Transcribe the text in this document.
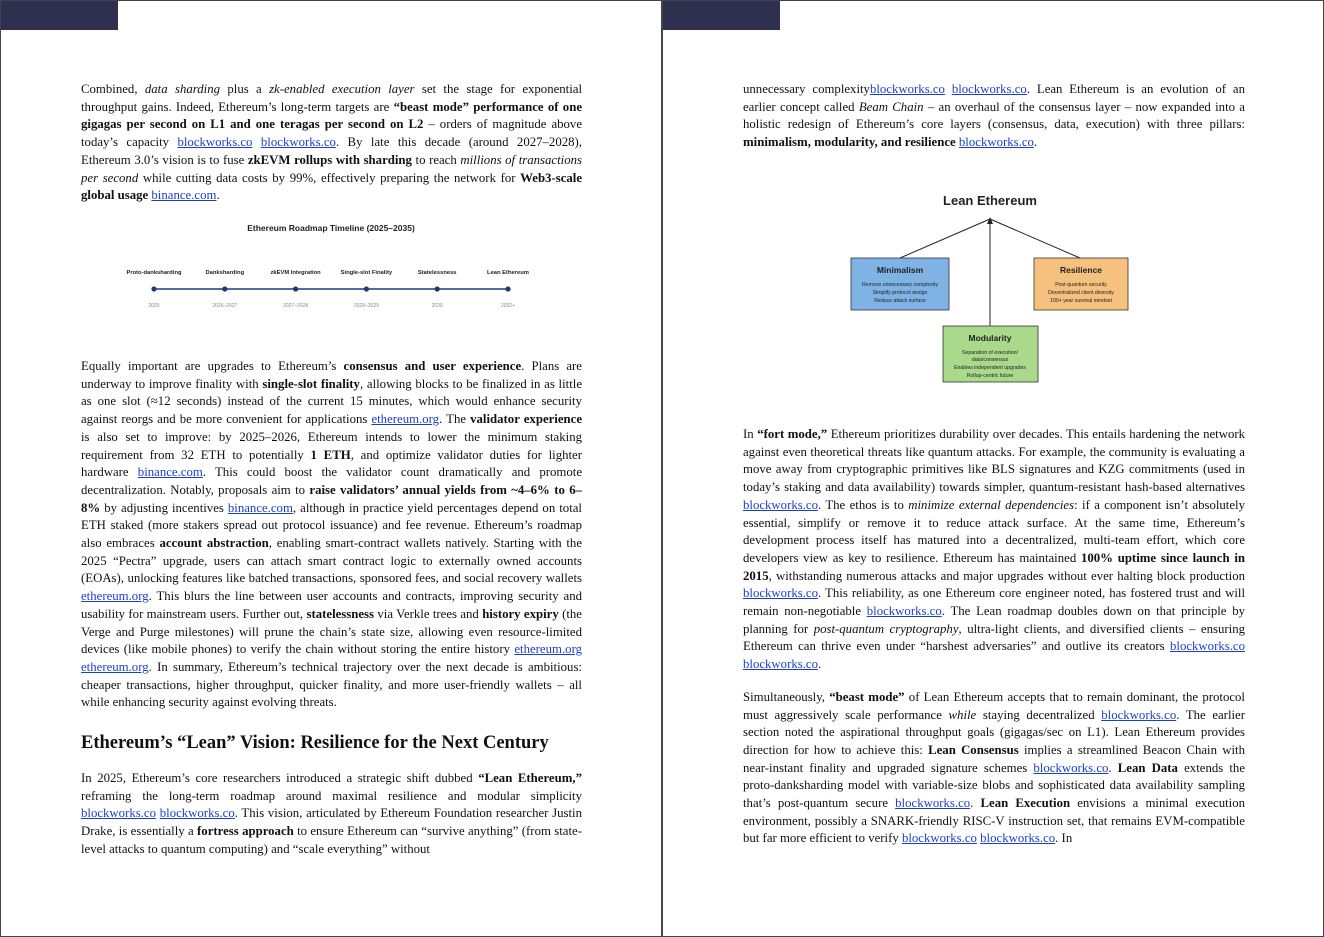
Combined, data sharding plus a zk-enabled execution layer set the stage for exponential throughput gains. Indeed, Ethereum’s long-term targets are “beast mode” performance of one gigagas per second on L1 and one teragas per second on L2 – orders of magnitude above today’s capacity blockworks.co blockworks.co. By late this decade (around 2027–2028), Ethereum 3.0’s vision is to fuse zkEVM rollups with sharding to reach millions of transactions per second while cutting data costs by 99%, effectively preparing the network for Web3-scale global usage binance.com.

Ethereum Roadmap Timeline (2025–2035)
Proto-danksharding
2025
Danksharding
2026–2027
zkEVM Integration
2027–2028
Single-slot Finality
2028–2029
Statelessness
2030
Lean Ethereum
2032+

Equally important are upgrades to Ethereum’s consensus and user experience. Plans are underway to improve finality with single-slot finality, allowing blocks to be finalized in as little as one slot (≈12 seconds) instead of the current 15 minutes, which would enhance security against reorgs and be more convenient for applications ethereum.org. The validator experience is also set to improve: by 2025–2026, Ethereum intends to lower the minimum staking requirement from 32 ETH to potentially 1 ETH, and optimize validator duties for lighter hardware binance.com. This could boost the validator count dramatically and promote decentralization. Notably, proposals aim to raise validators’ annual yields from ~4–6% to 6–8% by adjusting incentives binance.com, although in practice yield percentages depend on total ETH staked (more stakers spread out protocol issuance) and fee revenue. Ethereum’s roadmap also embraces account abstraction, enabling smart-contract wallets natively. Starting with the 2025 “Pectra” upgrade, users can attach smart contract logic to externally owned accounts (EOAs), unlocking features like batched transactions, sponsored fees, and social recovery wallets ethereum.org. This blurs the line between user accounts and contracts, improving security and usability for mainstream users. Further out, statelessness via Verkle trees and history expiry (the Verge and Purge milestones) will prune the chain’s state size, allowing even resource-limited devices (like mobile phones) to verify the chain without storing the entire history ethereum.org ethereum.org. In summary, Ethereum’s technical trajectory over the next decade is ambitious: cheaper transactions, higher throughput, quicker finality, and more user-friendly wallets – all while enhancing security against evolving threats.

Ethereum’s “Lean” Vision: Resilience for the Next Century

In 2025, Ethereum’s core researchers introduced a strategic shift dubbed “Lean Ethereum,” reframing the long-term roadmap around maximal resilience and modular simplicity blockworks.co blockworks.co. This vision, articulated by Ethereum Foundation researcher Justin Drake, is essentially a fortress approach to ensure Ethereum can “survive anything” (from state-level attacks to quantum computing) and “scale everything” without

unnecessary complexityblockworks.co blockworks.co. Lean Ethereum is an evolution of an earlier concept called Beam Chain – an overhaul of the consensus layer – now expanded into a holistic redesign of Ethereum’s core layers (consensus, data, execution) with three pillars: minimalism, modularity, and resilience blockworks.co.

Lean Ethereum
Minimalism
Remove unnecessary complexity
Simplify protocol design
Reduce attack surface
Resilience
Post-quantum security
Decentralized client diversity
100+ year survival mindset
Modularity
Separation of execution/
data/consensus
Enables independent upgrades
Rollup-centric future

In “fort mode,” Ethereum prioritizes durability over decades. This entails hardening the network against even theoretical threats like quantum attacks. For example, the community is evaluating a move away from cryptographic primitives like BLS signatures and KZG commitments (used in today’s staking and data availability) towards simpler, quantum-resistant hash-based alternatives blockworks.co. The ethos is to minimize external dependencies: if a component isn’t absolutely essential, simplify or remove it to reduce attack surface. At the same time, Ethereum’s development process itself has matured into a decentralized, multi-team effort, which core developers view as key to resilience. Ethereum has maintained 100% uptime since launch in 2015, withstanding numerous attacks and major upgrades without ever halting block production blockworks.co. This reliability, as one Ethereum core engineer noted, has fostered trust and will remain non-negotiable blockworks.co. The Lean roadmap doubles down on that principle by planning for post-quantum cryptography, ultra-light clients, and diversified clients – ensuring Ethereum can thrive even under “harshest adversaries” and outlive its creators blockworks.co blockworks.co.

Simultaneously, “beast mode” of Lean Ethereum accepts that to remain dominant, the protocol must aggressively scale performance while staying decentralized blockworks.co. The earlier section noted the aspirational throughput goals (gigagas/sec on L1). Lean Ethereum provides direction for how to achieve this: Lean Consensus implies a streamlined Beacon Chain with near-instant finality and upgraded signature schemes blockworks.co. Lean Data extends the proto-danksharding model with variable-size blobs and sophisticated data availability sampling that’s post-quantum secure blockworks.co. Lean Execution envisions a minimal execution environment, possibly a SNARK-friendly RISC-V instruction set, that remains EVM-compatible but far more efficient to verify blockworks.co blockworks.co. In
